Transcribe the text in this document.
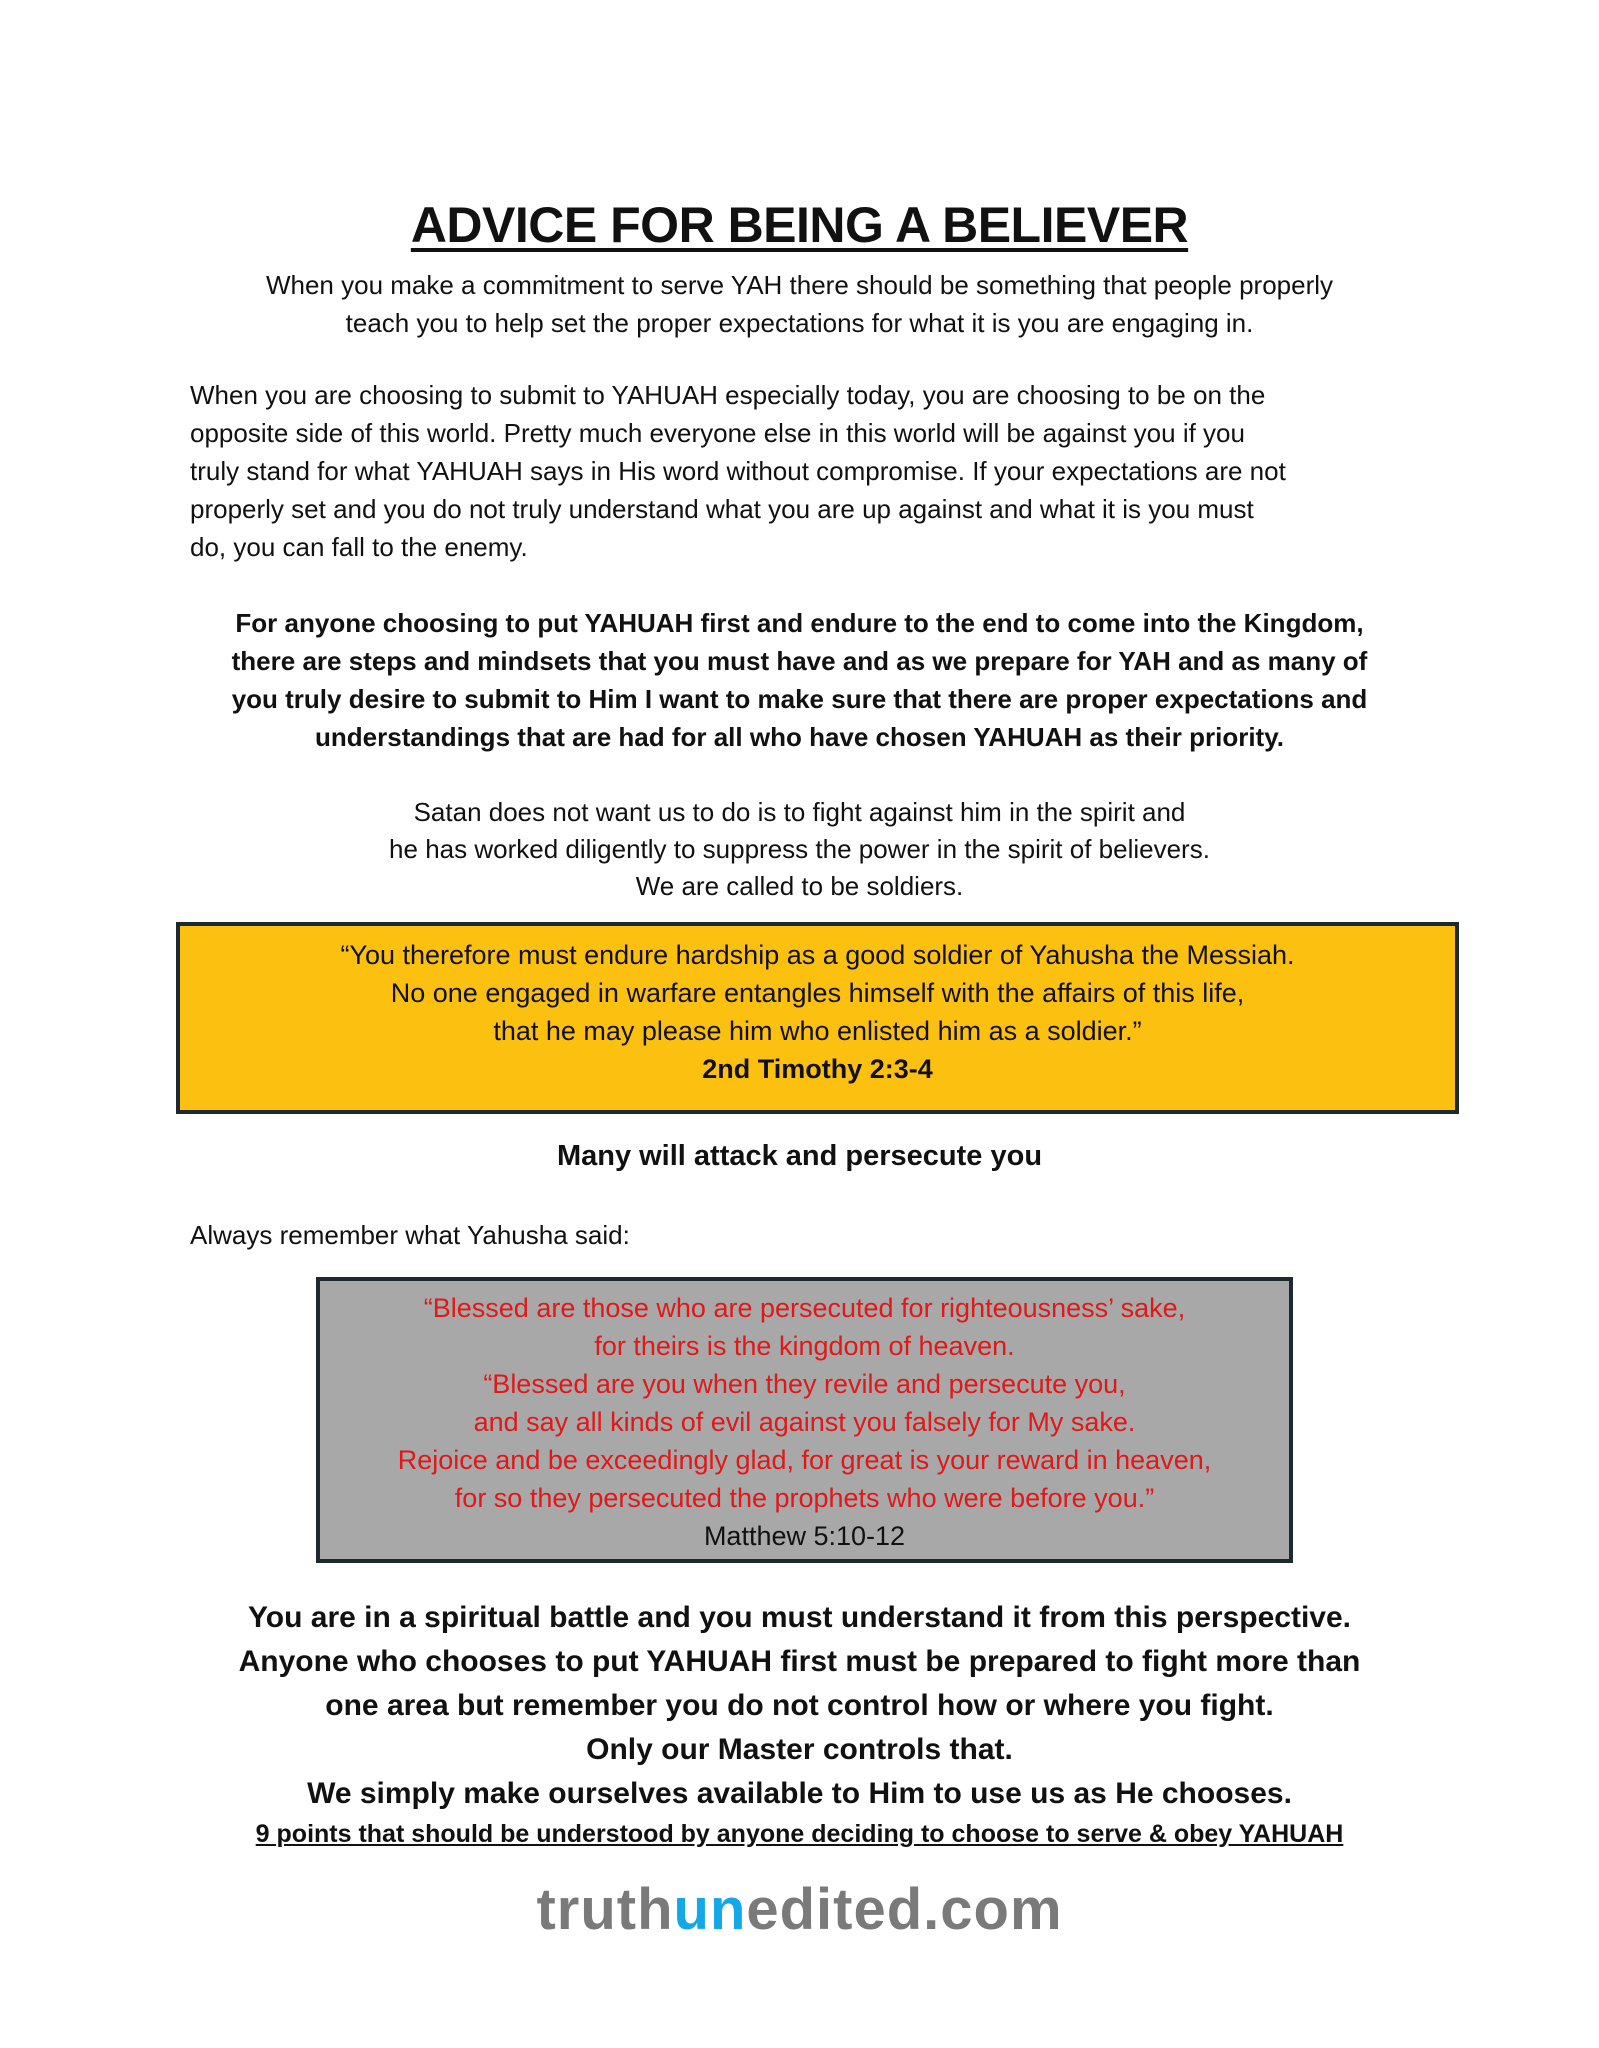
ADVICE FOR BEING A BELIEVER
When you make a commitment to serve YAH there should be something that people properly
teach you to help set the proper expectations for what it is you are engaging in.
When you are choosing to submit to YAHUAH especially today, you are choosing to be on the
opposite side of this world. Pretty much everyone else in this world will be against you if you
truly stand for what YAHUAH says in His word without compromise. If your expectations are not
properly set and you do not truly understand what you are up against and what it is you must
do, you can fall to the enemy.
For anyone choosing to put YAHUAH first and endure to the end to come into the Kingdom,
there are steps and mindsets that you must have and as we prepare for YAH and as many of
you truly desire to submit to Him I want to make sure that there are proper expectations and
understandings that are had for all who have chosen YAHUAH as their priority.
Satan does not want us to do is to fight against him in the spirit and
he has worked diligently to suppress the power in the spirit of believers.
We are called to be soldiers.
“You therefore must endure hardship as a good soldier of Yahusha the Messiah.
No one engaged in warfare entangles himself with the affairs of this life,
that he may please him who enlisted him as a soldier.”
2nd Timothy 2:3-4
Many will attack and persecute you
Always remember what Yahusha said:
“Blessed are those who are persecuted for righteousness’ sake,
for theirs is the kingdom of heaven.
“Blessed are you when they revile and persecute you,
and say all kinds of evil against you falsely for My sake.
Rejoice and be exceedingly glad, for great is your reward in heaven,
for so they persecuted the prophets who were before you.”
Matthew 5:10-12
You are in a spiritual battle and you must understand it from this perspective.
Anyone who chooses to put YAHUAH first must be prepared to fight more than
one area but remember you do not control how or where you fight.
Only our Master controls that.
We simply make ourselves available to Him to use us as He chooses.
9 points that should be understood by anyone deciding to choose to serve & obey YAHUAH
truthunedited.com
